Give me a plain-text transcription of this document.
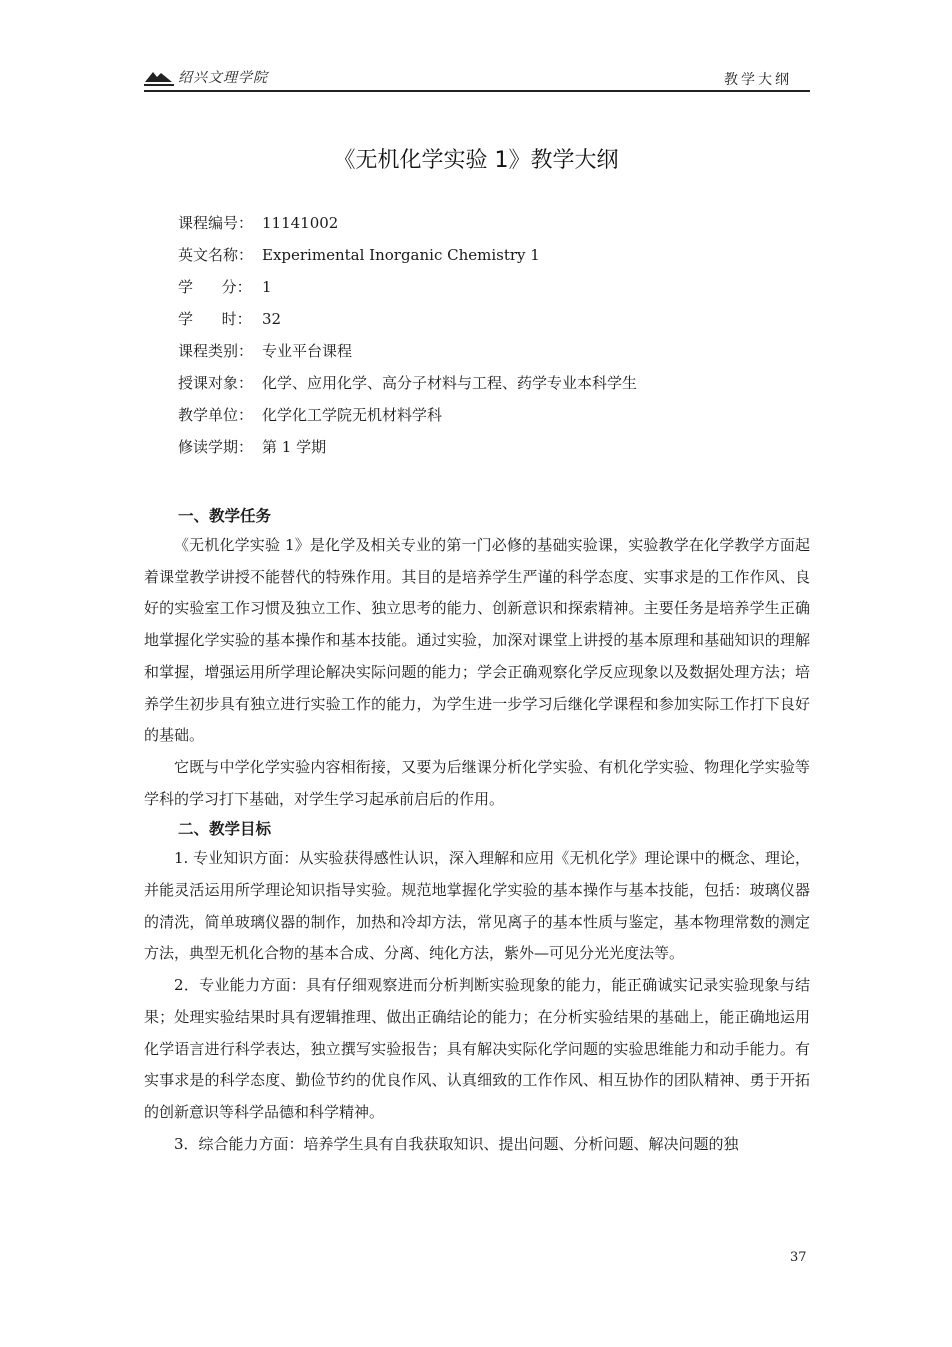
绍兴文理学院	教学大纲
《无机化学实验 1》教学大纲
课程编号： 11141002
英文名称： Experimental Inorganic Chemistry 1
学      分： 1
学      时： 32
课程类别： 专业平台课程
授课对象： 化学、应用化学、高分子材料与工程、药学专业本科学生
教学单位： 化学化工学院无机材料学科
修读学期： 第 1 学期
一、教学任务

《无机化学实验 1》是化学及相关专业的第一门必修的基础实验课，实验教学在化学教学方面起着课堂教学讲授不能替代的特殊作用。其目的是培养学生严谨的科学态度、实事求是的工作作风、良好的实验室工作习惯及独立工作、独立思考的能力、创新意识和探索精神。主要任务是培养学生正确地掌握化学实验的基本操作和基本技能。通过实验，加深对课堂上讲授的基本原理和基础知识的理解和掌握，增强运用所学理论解决实际问题的能力；学会正确观察化学反应现象以及数据处理方法；培养学生初步具有独立进行实验工作的能力，为学生进一步学习后继化学课程和参加实际工作打下良好的基础。

它既与中学化学实验内容相衔接，又要为后继课分析化学实验、有机化学实验、物理化学实验等学科的学习打下基础，对学生学习起承前启后的作用。

二、教学目标

1. 专业知识方面：从实验获得感性认识，深入理解和应用《无机化学》理论课中的概念、理论，并能灵活运用所学理论知识指导实验。规范地掌握化学实验的基本操作与基本技能，包括：玻璃仪器的清洗，简单玻璃仪器的制作，加热和冷却方法，常见离子的基本性质与鉴定，基本物理常数的测定方法，典型无机化合物的基本合成、分离、纯化方法，紫外—可见分光光度法等。

2．专业能力方面：具有仔细观察进而分析判断实验现象的能力，能正确诚实记录实验现象与结果；处理实验结果时具有逻辑推理、做出正确结论的能力；在分析实验结果的基础上，能正确地运用化学语言进行科学表达，独立撰写实验报告；具有解决实际化学问题的实验思维能力和动手能力。有实事求是的科学态度、勤俭节约的优良作风、认真细致的工作作风、相互协作的团队精神、勇于开拓的创新意识等科学品德和科学精神。

3．综合能力方面：培养学生具有自我获取知识、提出问题、分析问题、解决问题的独

37
